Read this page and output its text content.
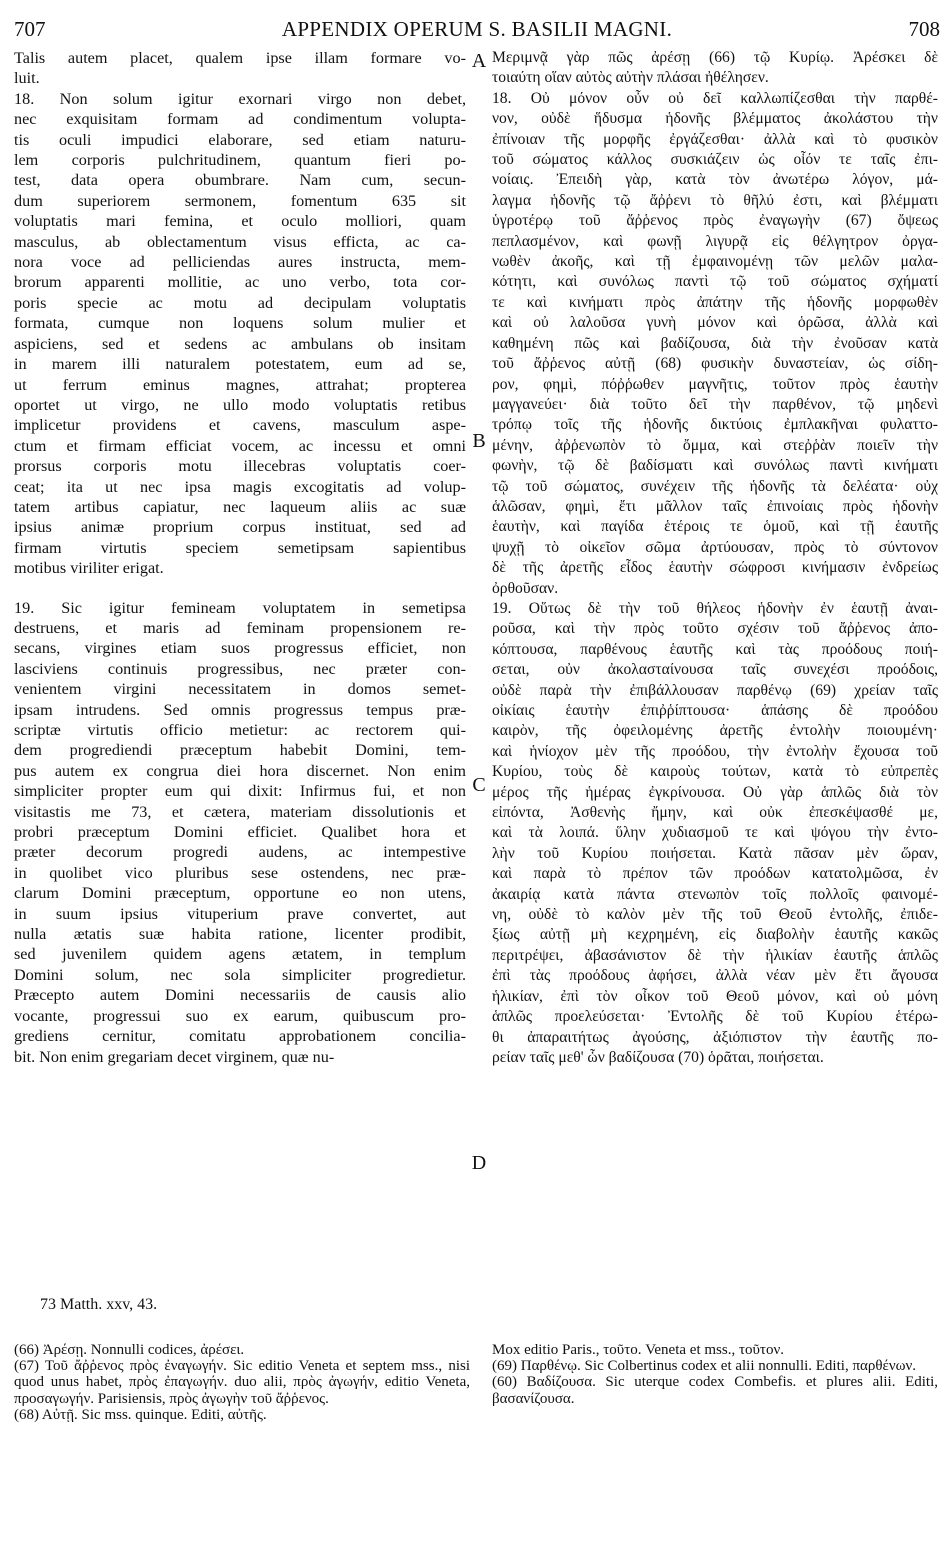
707	APPENDIX OPERUM S. BASILII MAGNI.	708
Talis autem placet, qualem ipse illam formare vo-
luit.
18. Non solum igitur exornari virgo non debet,
nec exquisitam formam ad condimentum volupta-
tis oculi impudici elaborare, sed etiam naturu-
lem corporis pulchritudinem, quantum fieri po-
test, data opera obumbrare. Nam cum, secun-
dum superiorem sermonem, fomentum 635 sit
voluptatis mari femina, et oculo molliori, quam
masculus, ab oblectamentum visus efficta, ac ca-
nora voce ad pelliciendas aures instructa, mem-
brorum apparenti mollitie, ac uno verbo, tota cor-
poris specie ac motu ad decipulam voluptatis
formata, cumque non loquens solum mulier et
aspiciens, sed et sedens ac ambulans ob insitam
in marem illi naturalem potestatem, eum ad se,
ut ferrum eminus magnes, attrahat; propterea
oportet ut virgo, ne ullo modo voluptatis retibus
implicetur providens et cavens, masculum aspe-
ctum et firmam efficiat vocem, ac incessu et omni
prorsus corporis motu illecebras voluptatis coer-
ceat; ita ut nec ipsa magis excogitatis ad volup-
tatem artibus capiatur, nec laqueum aliis ac suæ
ipsius animæ proprium corpus instituat, sed ad
firmam virtutis speciem semetipsam sapientibus
motibus viriliter erigat.
19. Sic igitur femineam voluptatem in semetipsa
destruens, et maris ad feminam propensionem re-
secans, virgines etiam suos progressus efficiet, non
lasciviens continuis progressibus, nec præter con-
venientem virgini necessitatem in domos semet-
ipsam intrudens. Sed omnis progressus tempus præ-
scriptæ virtutis officio metietur: ac rectorem qui-
dem progrediendi præceptum habebit Domini, tem-
pus autem ex congrua diei hora discernet. Non enim
simpliciter propter eum qui dixit: Infirmus fui, et non
visitastis me 73, et cætera, materiam dissolutionis et
probri præceptum Domini efficiet. Qualibet hora et
præter decorum progredi audens, ac intempestive
in quolibet vico pluribus sese ostendens, nec præ-
clarum Domini præceptum, opportune eo non utens,
in suum ipsius vituperium prave convertet, aut
nulla ætatis suæ habita ratione, licenter prodibit,
sed juvenilem quidem agens ætatem, in templum
Domini solum, nec sola simpliciter progredietur.
Præcepto autem Domini necessariis de causis alio
vocante, progressui suo ex earum, quibuscum pro-
grediens cernitur, comitatu approbationem concilia-
bit. Non enim gregariam decet virginem, quæ nu-
Μεριμνᾷ γὰρ πῶς ἀρέσῃ (66) τῷ Κυρίῳ. Ἀρέσκει δὲ
τοιαύτη οἵαν αὐτὸς αὐτὴν πλάσαι ἠθέλησεν.
18. Οὐ μόνον οὖν οὐ δεῖ καλλωπίζεσθαι τὴν παρθέ-
νον, οὐδὲ ἥδυσμα ἡδονῆς βλέμματος ἀκολάστου τὴν
ἐπίνοιαν τῆς μορφῆς ἐργάζεσθαι· ἀλλὰ καὶ τὸ φυσικὸν
τοῦ σώματος κάλλος συσκιάζειν ὡς οἷόν τε ταῖς ἐπι-
νοίαις. Ἐπειδὴ γὰρ, κατὰ τὸν ἀνωτέρω λόγον, μά-
λαγμα ἡδονῆς τῷ ἄῤῥενι τὸ θῆλύ ἐστι, καὶ βλέμματι
ὑγροτέρῳ τοῦ ἄῤῥενος πρὸς ἐναγωγὴν (67) ὄψεως
πεπλασμένον, καὶ φωνῇ λιγυρᾷ εἰς θέλγητρον ὀργα-
νωθὲν ἀκοῆς, καὶ τῇ ἐμφαινομένῃ τῶν μελῶν μαλα-
κότητι, καὶ συνόλως παντὶ τῷ τοῦ σώματος σχήματί
τε καὶ κινήματι πρὸς ἀπάτην τῆς ἡδονῆς μορφωθὲν
καὶ οὐ λαλοῦσα γυνὴ μόνον καὶ ὁρῶσα, ἀλλὰ καὶ
καθημένη πῶς καὶ βαδίζουσα, διὰ τὴν ἐνοῦσαν κατὰ
τοῦ ἄῤῥενος αὐτῇ (68) φυσικὴν δυναστείαν, ὡς σίδη-
ρον, φημὶ, πόῤῥωθεν μαγνῆτις, τοῦτον πρὸς ἑαυτὴν
μαγγανεύει· διὰ τοῦτο δεῖ τὴν παρθένον, τῷ μηδενὶ
τρόπῳ τοῖς τῆς ἡδονῆς δικτύοις ἐμπλακῆναι φυλαττο-
μένην, ἀῤῥενωπὸν τὸ ὄμμα, καὶ στεῤῥὰν ποιεῖν τὴν
φωνὴν, τῷ δὲ βαδίσματι καὶ συνόλως παντὶ κινήματι
τῷ τοῦ σώματος, συνέχειν τῆς ἡδονῆς τὰ δελέατα· οὐχ
ἁλῶσαν, φημὶ, ἔτι μᾶλλον ταῖς ἐπινοίαις πρὸς ἡδονὴν
ἑαυτὴν, καὶ παγίδα ἑτέροις τε ὁμοῦ, καὶ τῇ ἑαυτῆς
ψυχῇ τὸ οἰκεῖον σῶμα ἀρτύουσαν, πρὸς τὸ σύντονον
δὲ τῆς ἀρετῆς εἶδος ἑαυτὴν σώφροσι κινήμασιν ἐνδρείως
ὀρθοῦσαν.
19. Οὕτως δὲ τὴν τοῦ θήλεος ἡδονὴν ἐν ἑαυτῇ ἀναι-
ροῦσα, καὶ τὴν πρὸς τοῦτο σχέσιν τοῦ ἄῤῥενος ἀπο-
κόπτουσα, παρθένους ἑαυτῆς καὶ τὰς προόδους ποιή-
σεται, οὐν ἀκολασταίνουσα ταῖς συνεχέσι προόδοις,
οὐδὲ παρὰ τὴν ἐπιβάλλουσαν παρθένῳ (69) χρείαν ταῖς
οἰκίαις ἑαυτὴν ἐπιῤῥίπτουσα· ἁπάσης δὲ προόδου
καιρὸν, τῆς ὀφειλομένης ἀρετῆς ἐντολὴν ποιουμένη·
καὶ ἡνίοχον μὲν τῆς προόδου, τὴν ἐντολὴν ἔχουσα τοῦ
Κυρίου, τοὺς δὲ καιροὺς τούτων, κατὰ τὸ εὐπρεπὲς
μέρος τῆς ἡμέρας ἐγκρίνουσα. Οὐ γὰρ ἁπλῶς διὰ τὸν
εἰπόντα, Ἀσθενὴς ἤμην, καὶ οὐκ ἐπεσκέψασθέ με,
καὶ τὰ λοιπά. ὕλην χυδιασμοῦ τε καὶ ψόγου τὴν ἐντο-
λὴν τοῦ Κυρίου ποιήσεται. Κατὰ πᾶσαν μὲν ὥραν,
καὶ παρὰ τὸ πρέπον τῶν προόδων κατατολμῶσα, ἐν
ἀκαιρίᾳ κατὰ πάντα στενωπὸν τοῖς πολλοῖς φαινομέ-
νη, οὐδὲ τὸ καλὸν μὲν τῆς τοῦ Θεοῦ ἐντολῆς, ἐπιδε-
ξίως αὐτῇ μὴ κεχρημένη, εἰς διαβολὴν ἑαυτῆς κακῶς
περιτρέψει, ἀβασάνιστον δὲ τὴν ἡλικίαν ἑαυτῆς ἁπλῶς
ἐπὶ τὰς προόδους ἀφήσει, ἀλλὰ νέαν μὲν ἔτι ἄγουσα
ἡλικίαν, ἐπὶ τὸν οἶκον τοῦ Θεοῦ μόνον, καὶ οὐ μόνη
ἁπλῶς προελεύσεται· Ἐντολῆς δὲ τοῦ Κυρίου ἑτέρω-
θι ἀπαραιτήτως ἀγούσης, ἀξιόπιστον τὴν ἑαυτῆς πο-
ρείαν ταῖς μεθ' ὧν βαδίζουσα (70) ὁρᾶται, ποιήσεται.
A
B
C
D
73 Matth. xxv, 43.

(66) Ἀρέσῃ. Nonnulli codices, ἀρέσει.

(67) Τοῦ ἄῤῥενος πρὸς ἐναγωγήν. Sic editio Veneta et septem mss., nisi quod unus habet, πρὸς ἐπαγωγήν. duo alii, πρὸς ἀγωγήν, editio Veneta, προσαγωγήν. Parisiensis, πρὸς ἀγωγὴν τοῦ ἄῤῥενος.

(68) Αὐτῇ. Sic mss. quinque. Editi, αὐτῆς.

Mox editio Paris., τοῦτο. Veneta et mss., τοῦτον.

(69) Παρθένῳ. Sic Colbertinus codex et alii nonnulli. Editi, παρθένων.

(60) Βαδίζουσα. Sic uterque codex Combefis. et plures alii. Editi, βασανίζουσα.
